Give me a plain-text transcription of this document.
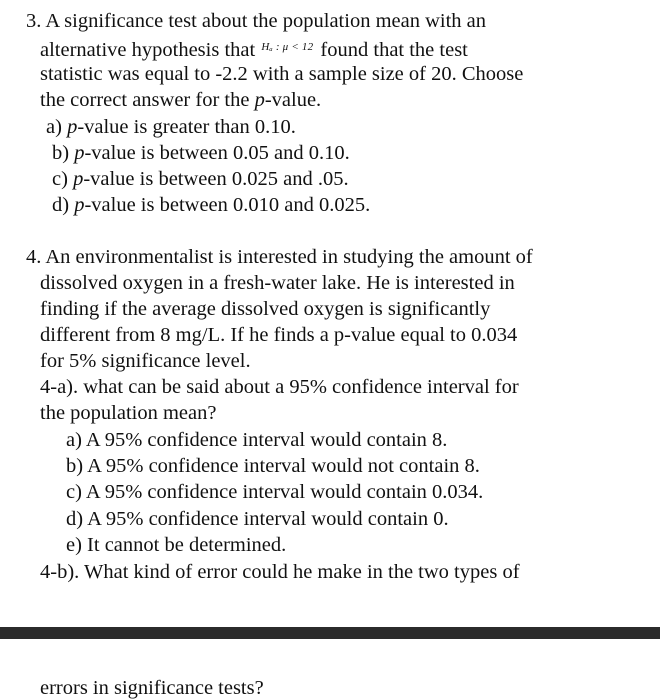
3. A significance test about the population mean with an
alternative hypothesis that Hₐ : μ < 12 found that the test
statistic was equal to -2.2 with a sample size of 20. Choose
the correct answer for the p-value.
a) p-value is greater than 0.10.
b) p-value is between 0.05 and 0.10.
c) p-value is between 0.025 and .05.
d) p-value is between 0.010 and 0.025.
4. An environmentalist is interested in studying the amount of
dissolved oxygen in a fresh-water lake. He is interested in
finding if the average dissolved oxygen is significantly
different from 8 mg/L. If he finds a p-value equal to 0.034
for 5% significance level.
4-a). what can be said about a 95% confidence interval for
the population mean?
a) A 95% confidence interval would contain 8.
b) A 95% confidence interval would not contain 8.
c) A 95% confidence interval would contain 0.034.
d) A 95% confidence interval would contain 0.
e) It cannot be determined.
4-b). What kind of error could he make in the two types of
errors in significance tests?
